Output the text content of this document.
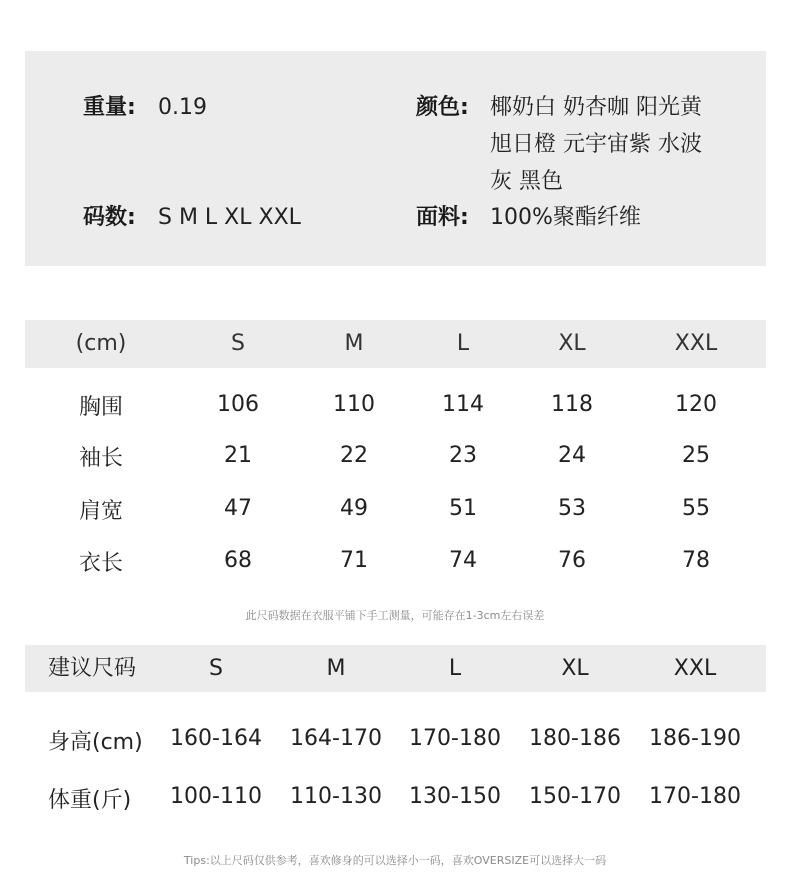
重量: 0.19	颜色: 椰奶白 奶杏咖 阳光黄
旭日橙 元宇宙紫 水波
灰 黑色
码数: S M L XL XXL	面料: 100%聚酯纤维
(cm)	S	M	L	XL	XXL
胸围	106	110	114	118	120
袖长	21	22	23	24	25
肩宽	47	49	51	53	55
衣长	68	71	74	76	78
此尺码数据在衣服平铺下手工测量，可能存在1-3cm左右误差
建议尺码	S	M	L	XL	XXL
身高(cm) 160-164 164-170 170-180 180-186 186-190
体重(斤) 100-110 110-130 130-150 150-170 170-180
Tips:以上尺码仅供参考，喜欢修身的可以选择小一码，喜欢OVERSIZE可以选择大一码
